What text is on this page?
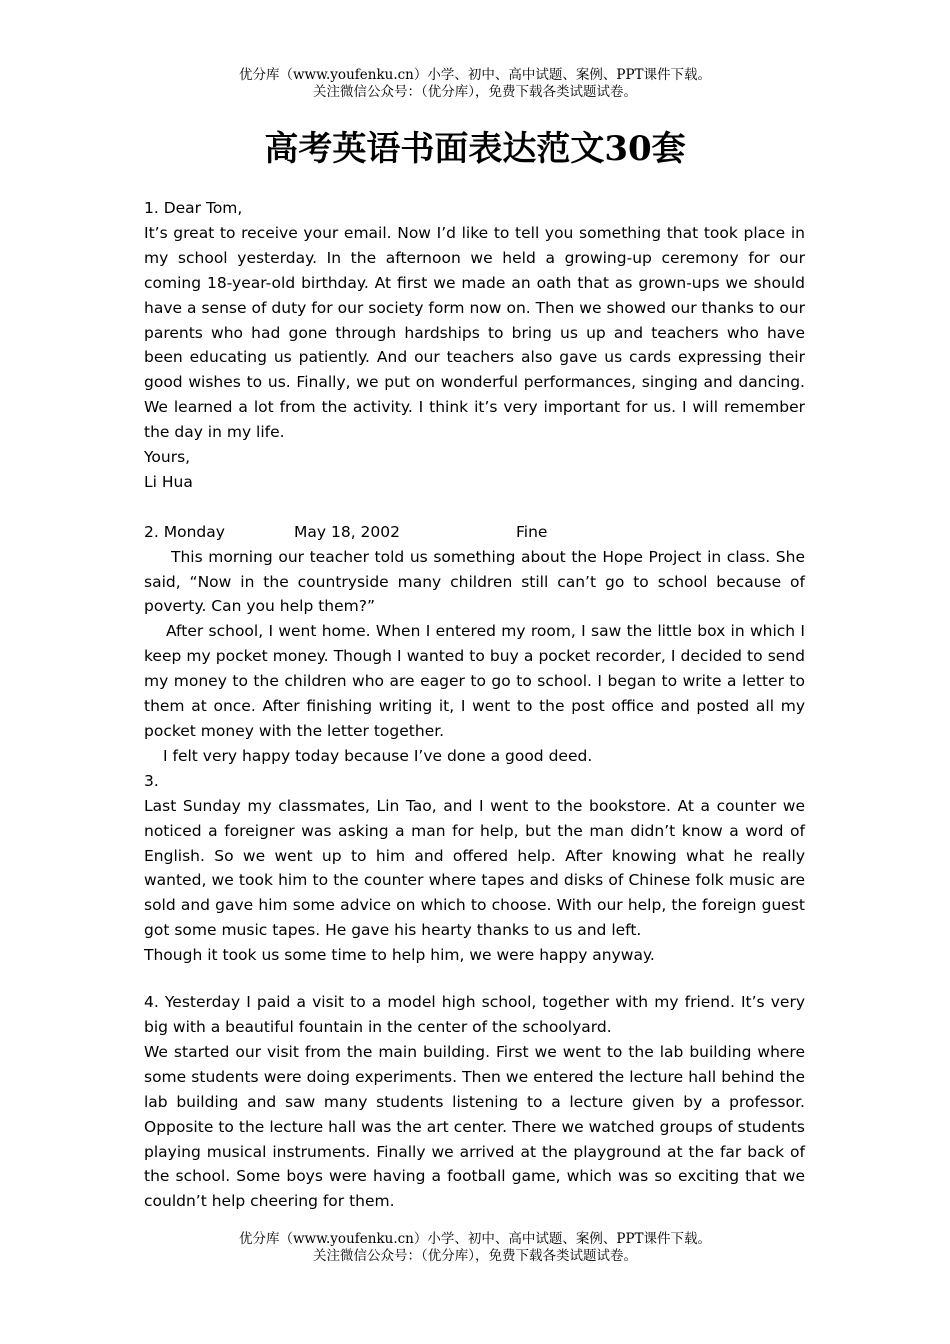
优分库（www.youfenku.cn）小学、初中、高中试题、案例、PPT课件下载。
关注微信公众号：（优分库），免费下载各类试题试卷。
高考英语书面表达范文30套

1. Dear Tom,

It’s great to receive your email. Now I’d like to tell you something that took place in my school yesterday. In the afternoon we held a growing-up ceremony for our coming 18-year-old birthday. At first we made an oath that as grown-ups we should have a sense of duty for our society form now on. Then we showed our thanks to our parents who had gone through hardships to bring us up and teachers who have been educating us patiently. And our teachers also gave us cards expressing their good wishes to us. Finally, we put on wonderful performances, singing and dancing. We learned a lot from the activity. I think it’s very important for us. I will remember the day in my life.

Yours,

Li Hua

2. Monday	May 18, 2002	Fine

This morning our teacher told us something about the Hope Project in class. She said, “Now in the countryside many children still can’t go to school because of poverty. Can you help them?”

After school, I went home. When I entered my room, I saw the little box in which I keep my pocket money. Though I wanted to buy a pocket recorder, I decided to send my money to the children who are eager to go to school. I began to write a letter to them at once. After finishing writing it, I went to the post office and posted all my pocket money with the letter together.

I felt very happy today because I’ve done a good deed.

3.

Last Sunday my classmates, Lin Tao, and I went to the bookstore. At a counter we noticed a foreigner was asking a man for help, but the man didn’t know a word of English. So we went up to him and offered help. After knowing what he really wanted, we took him to the counter where tapes and disks of Chinese folk music are sold and gave him some advice on which to choose. With our help, the foreign guest got some music tapes. He gave his hearty thanks to us and left.

Though it took us some time to help him, we were happy anyway.

4. Yesterday I paid a visit to a model high school, together with my friend. It’s very big with a beautiful fountain in the center of the schoolyard.

We started our visit from the main building. First we went to the lab building where some students were doing experiments. Then we entered the lecture hall behind the lab building and saw many students listening to a lecture given by a professor. Opposite to the lecture hall was the art center. There we watched groups of students playing musical instruments. Finally we arrived at the playground at the far back of the school. Some boys were having a football game, which was so exciting that we couldn’t help cheering for them.

优分库（www.youfenku.cn）小学、初中、高中试题、案例、PPT课件下载。
关注微信公众号：（优分库），免费下载各类试题试卷。
